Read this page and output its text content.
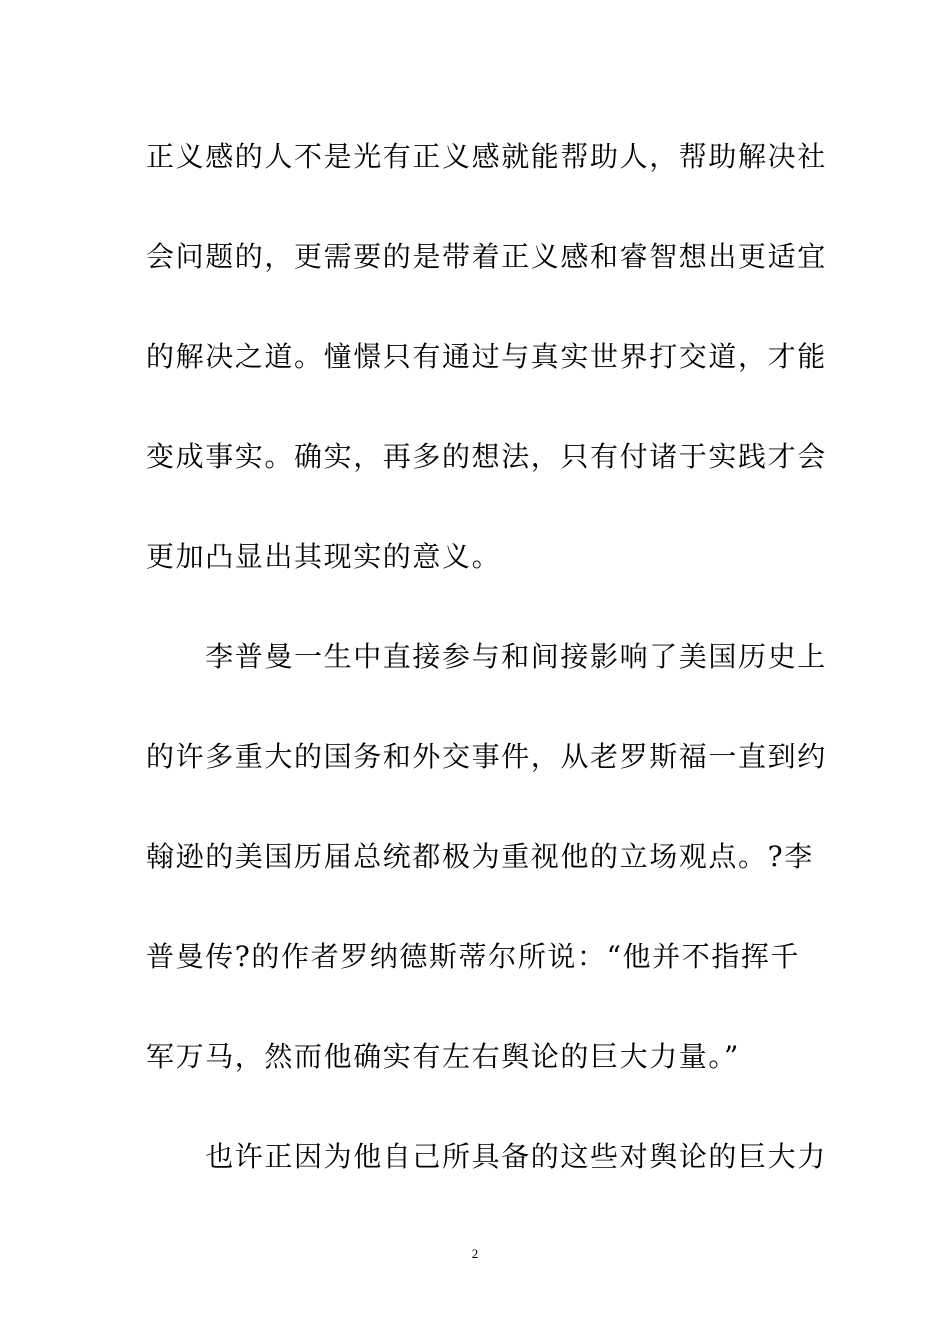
正义感的人不是光有正义感就能帮助人，帮助解决社
会问题的，更需要的是带着正义感和睿智想出更适宜
的解决之道。憧憬只有通过与真实世界打交道，才能
变成事实。确实，再多的想法，只有付诸于实践才会
更加凸显出其现实的意义。
　　李普曼一生中直接参与和间接影响了美国历史上
的许多重大的国务和外交事件，从老罗斯福一直到约
翰逊的美国历届总统都极为重视他的立场观点。?李
普曼传?的作者罗纳德斯蒂尔所说：“他并不指挥千
军万马，然而他确实有左右舆论的巨大力量。”
　　也许正因为他自己所具备的这些对舆论的巨大力
2
